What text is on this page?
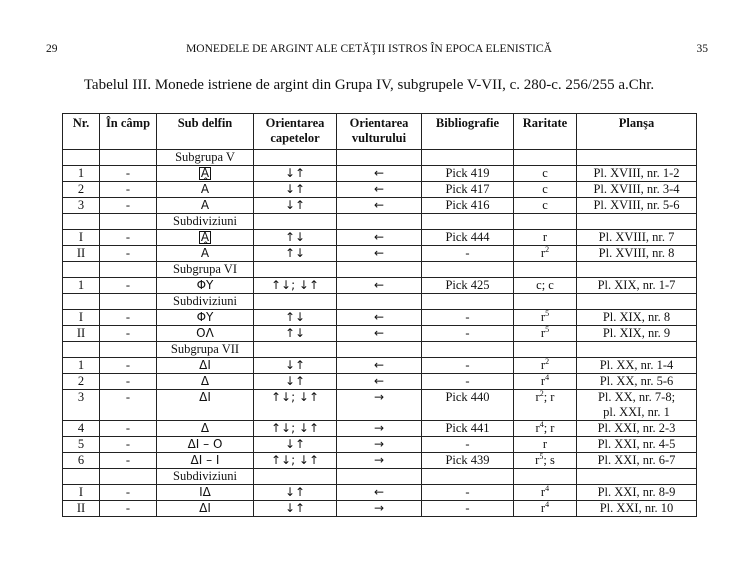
29	MONEDELE DE ARGINT ALE CETĂŢII ISTROS ÎN EPOCA ELENISTICĂ	35
Tabelul III. Monede istriene de argint din Grupa IV, subgrupele V-VII, c. 280-c. 256/255 a.Chr.
Nr.	În câmp	Sub delfin	Orientarea capetelor	Orientarea vulturului	Bibliografie	Raritate	Planşa
		Subgrupa V					
1	-	A	↓↑	←	Pick 419	c	Pl. XVIII, nr. 1-2

2	-	^ A	↓↑	←	Pick 417	c	Pl. XVIII, nr. 3-4

3	-	A	↓↑	←	Pick 416	c	Pl. XVIII, nr. 5-6

		Subdiviziuni					
I	-	A	↑↓	←	Pick 444	r	Pl. XVIII, nr. 7

II	-	^ A	↑↓	←	-	$r^2$	Pl. XVIII, nr. 8

		Subgrupa VI					
1	-	ΦΥ	↑↓; ↓↑	←	Pick 425	c; c	Pl. XIX, nr. 1-7

		Subdiviziuni					
I	-	ΦΥ	↑↓	←	-	$r^5$	Pl. XIX, nr. 8

II	-	ΟΛ	↑↓	←	-	$r^5$	Pl. XIX, nr. 9

		Subgrupa VII					
1	-	ΔΙ	↓↑	←	-	$r^2$	Pl. XX, nr. 1-4

2	-	Δ	↓↑	←	-	$r^4$	Pl. XX, nr. 5-6

3	-	ΔΙ	↑↓; ↓↑	→	Pick 440	$r^2$; r	Pl. XX, nr. 7-8;
pl. XXI, nr. 1

4	-	Δ	↑↓; ↓↑	→	Pick 441	$r^4$; r	Pl. XXI, nr. 2-3

5	-	ΔΙ – Ο	↓↑	→	-	r	Pl. XXI, nr. 4-5

6	-	ΔΙ – Ι	↑↓; ↓↑	→	Pick 439	$r^5$; s	Pl. XXI, nr. 6-7

		Subdiviziuni					
I	-	ΙΔ	↓↑	←	-	$r^4$	Pl. XXI, nr. 8-9

II	-	ΔΙ	↓↑	→	-	$r^4$	Pl. XXI, nr. 10
